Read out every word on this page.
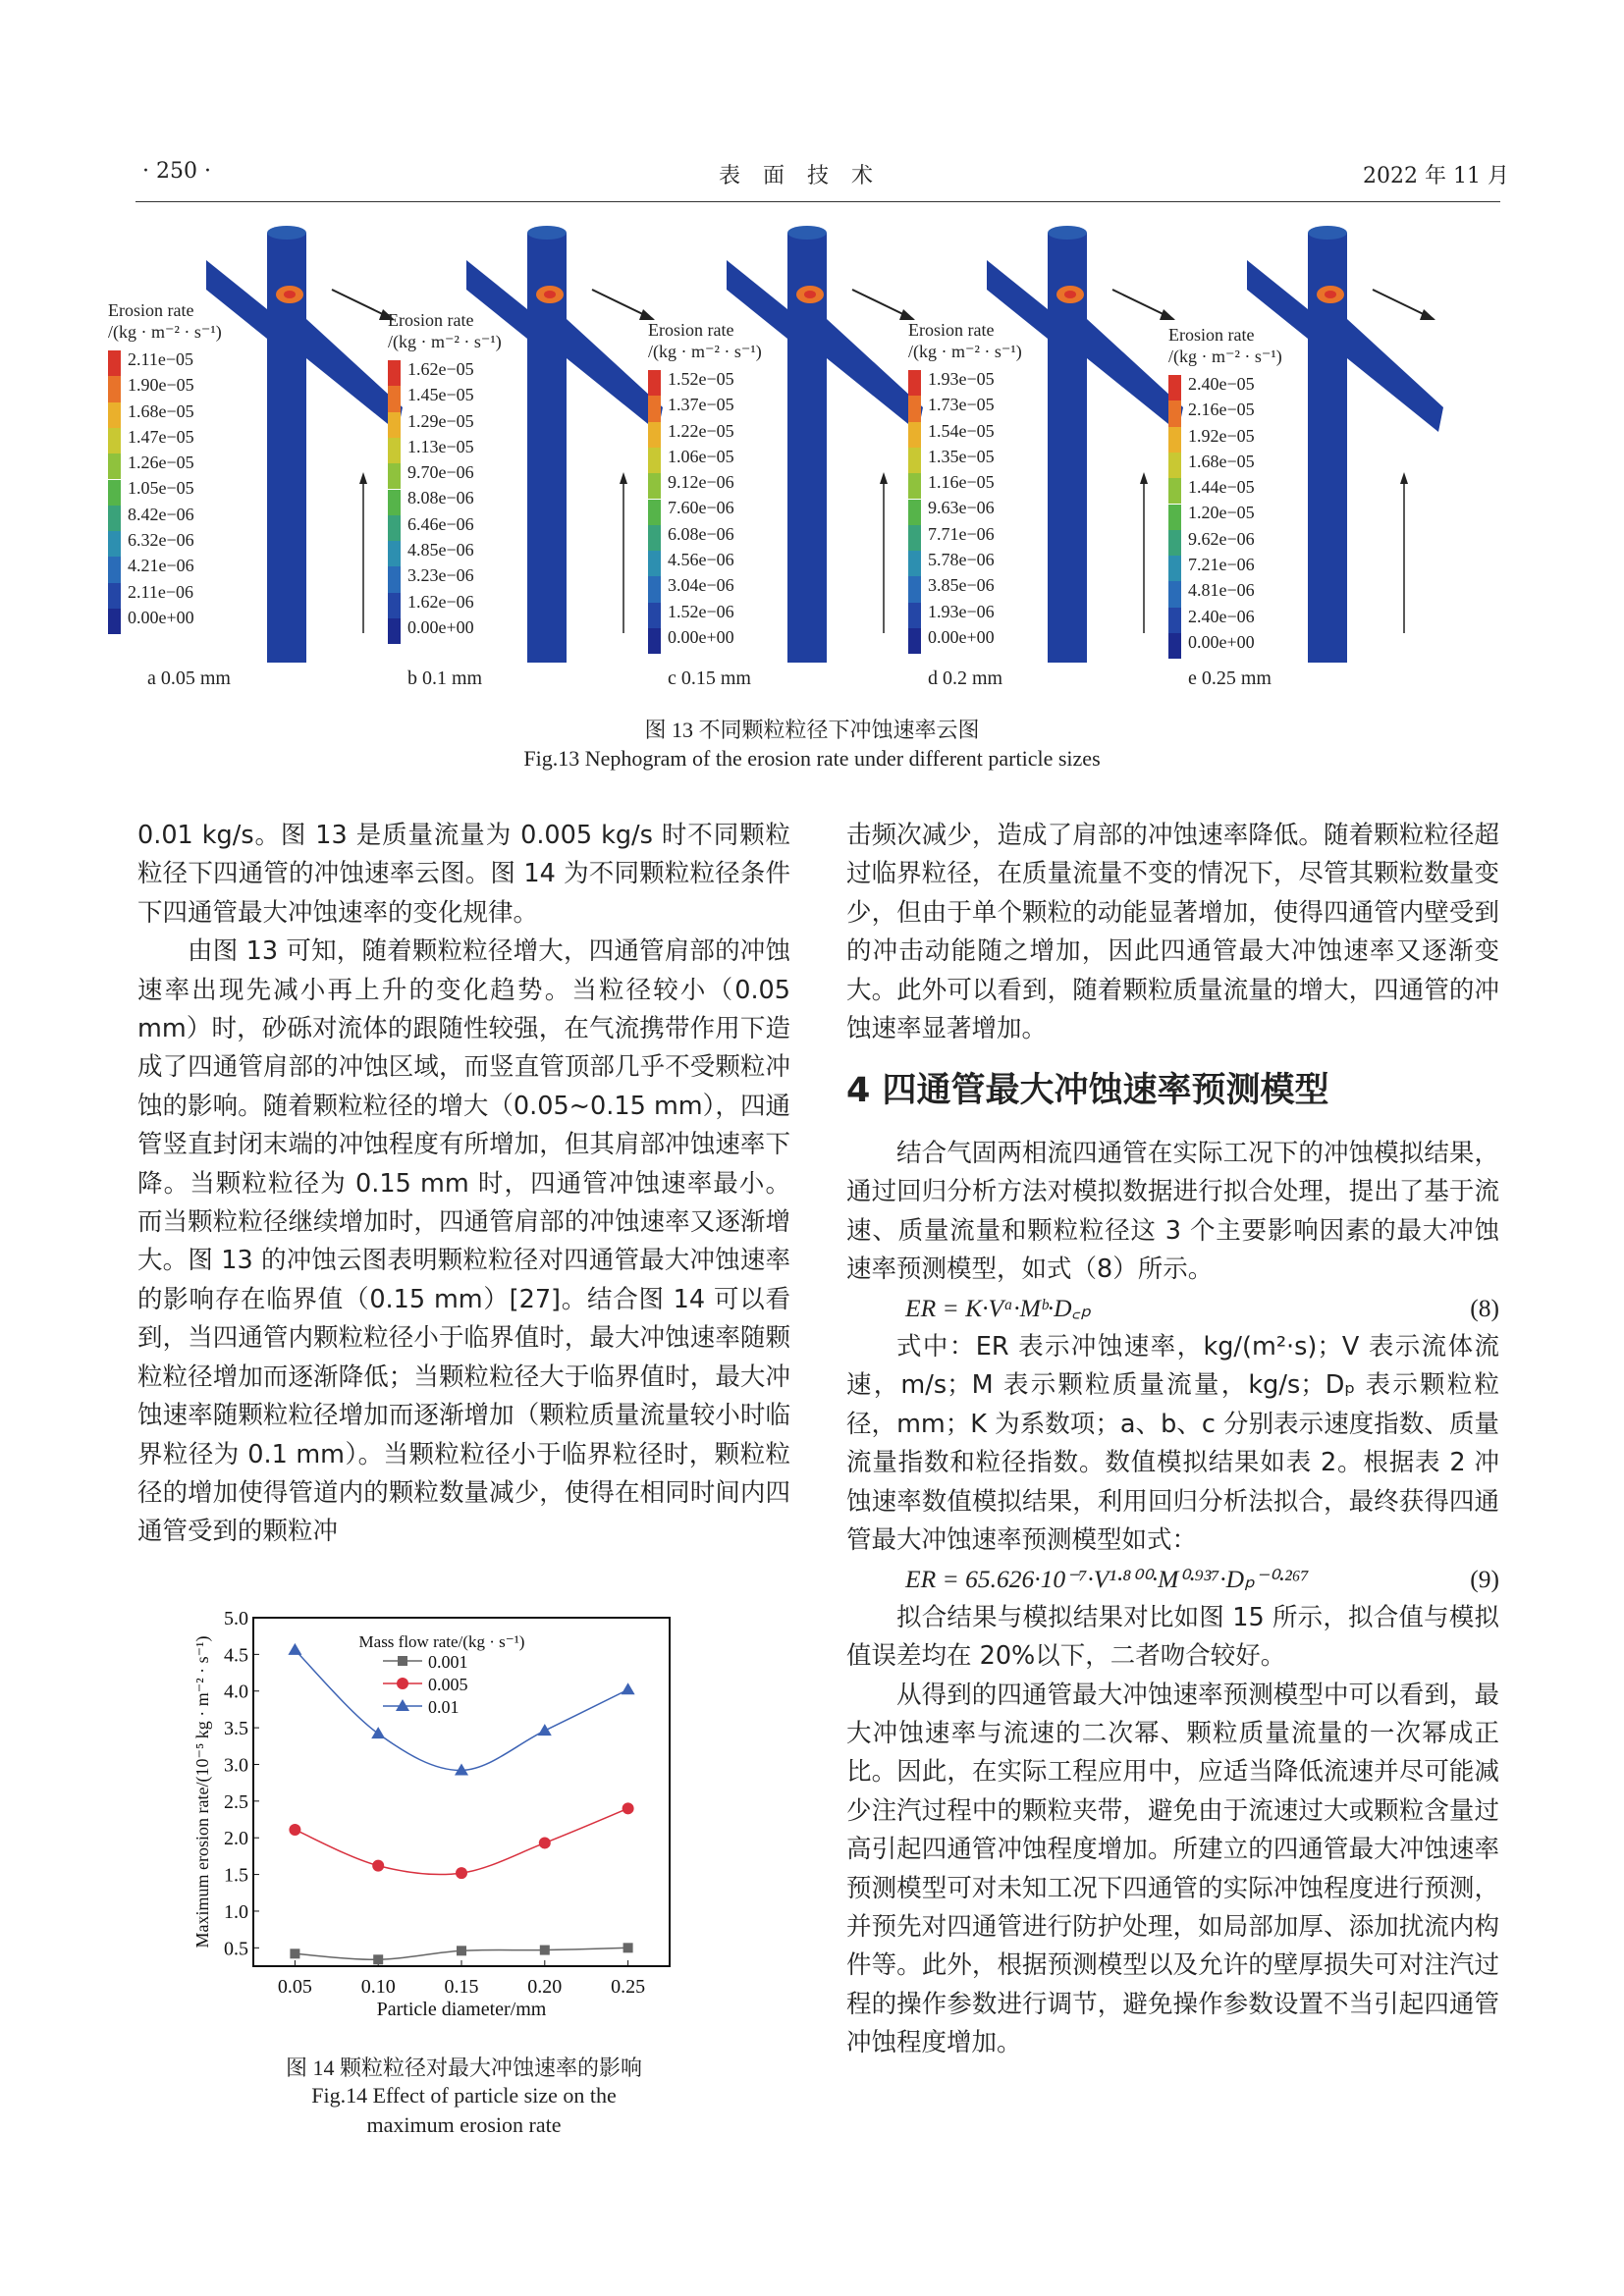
· 250 ·	表 面 技 术	2022 年 11 月
Erosion rate
/(kg · m⁻² · s⁻¹)
2.11e−05
1.90e−05
1.68e−05
1.47e−05
1.26e−05
1.05e−05
8.42e−06
6.32e−06
4.21e−06
2.11e−06
0.00e+00
a 0.05 mm
Erosion rate
/(kg · m⁻² · s⁻¹)
1.62e−05
1.45e−05
1.29e−05
1.13e−05
9.70e−06
8.08e−06
6.46e−06
4.85e−06
3.23e−06
1.62e−06
0.00e+00
b 0.1 mm
Erosion rate
/(kg · m⁻² · s⁻¹)
1.52e−05
1.37e−05
1.22e−05
1.06e−05
9.12e−06
7.60e−06
6.08e−06
4.56e−06
3.04e−06
1.52e−06
0.00e+00
c 0.15 mm
Erosion rate
/(kg · m⁻² · s⁻¹)
1.93e−05
1.73e−05
1.54e−05
1.35e−05
1.16e−05
9.63e−06
7.71e−06
5.78e−06
3.85e−06
1.93e−06
0.00e+00
d 0.2 mm
Erosion rate
/(kg · m⁻² · s⁻¹)
2.40e−05
2.16e−05
1.92e−05
1.68e−05
1.44e−05
1.20e−05
9.62e−06
7.21e−06
4.81e−06
2.40e−06
0.00e+00
e 0.25 mm
图 13 不同颗粒粒径下冲蚀速率云图
Fig.13 Nephogram of the erosion rate under different particle sizes

0.01 kg/s。图 13 是质量流量为 0.005 kg/s 时不同颗粒粒径下四通管的冲蚀速率云图。图 14 为不同颗粒粒径条件下四通管最大冲蚀速率的变化规律。

由图 13 可知，随着颗粒粒径增大，四通管肩部的冲蚀速率出现先减小再上升的变化趋势。当粒径较小（0.05 mm）时，砂砾对流体的跟随性较强，在气流携带作用下造成了四通管肩部的冲蚀区域，而竖直管顶部几乎不受颗粒冲蚀的影响。随着颗粒粒径的增大（0.05~0.15 mm），四通管竖直封闭末端的冲蚀程度有所增加，但其肩部冲蚀速率下降。当颗粒粒径为 0.15 mm 时，四通管冲蚀速率最小。而当颗粒粒径继续增加时，四通管肩部的冲蚀速率又逐渐增大。图 13 的冲蚀云图表明颗粒粒径对四通管最大冲蚀速率的影响存在临界值（0.15 mm）[27]。结合图 14 可以看到，当四通管内颗粒粒径小于临界值时，最大冲蚀速率随颗粒粒径增加而逐渐降低；当颗粒粒径大于临界值时，最大冲蚀速率随颗粒粒径增加而逐渐增加（颗粒质量流量较小时临界粒径为 0.1 mm）。当颗粒粒径小于临界粒径时，颗粒粒径的增加使得管道内的颗粒数量减少，使得在相同时间内四通管受到的颗粒冲

0.05 0.10 0.15 0.20 0.25
0.5
1.0
1.5
2.0
2.5
3.0
3.5
4.0
4.5
5.0
Particle diameter/mm
Maximum erosion rate/(10⁻⁵ kg · m⁻² · s⁻¹)	Mass flow rate/(kg · s⁻¹)
0.001
0.005
0.01
图 14 颗粒粒径对最大冲蚀速率的影响
Fig.14 Effect of particle size on the
maximum erosion rate

击频次减少，造成了肩部的冲蚀速率降低。随着颗粒粒径超过临界粒径，在质量流量不变的情况下，尽管其颗粒数量变少，但由于单个颗粒的动能显著增加，使得四通管内壁受到的冲击动能随之增加，因此四通管最大冲蚀速率又逐渐变大。此外可以看到，随着颗粒质量流量的增大，四通管的冲蚀速率显著增加。

4 四通管最大冲蚀速率预测模型

结合气固两相流四通管在实际工况下的冲蚀模拟结果，通过回归分析方法对模拟数据进行拟合处理，提出了基于流速、质量流量和颗粒粒径这 3 个主要影响因素的最大冲蚀速率预测模型，如式（8）所示。

ER = K·Vᵃ·Mᵇ·D꜀ₚ	(8)

式中：ER 表示冲蚀速率，kg/(m²·s)；V 表示流体流速，m/s；M 表示颗粒质量流量，kg/s；Dₚ 表示颗粒粒径，mm；K 为系数项；a、b、c 分别表示速度指数、质量流量指数和粒径指数。数值模拟结果如表 2。根据表 2 冲蚀速率数值模拟结果，利用回归分析法拟合，最终获得四通管最大冲蚀速率预测模型如式：

ER = 65.626·10⁻⁷·V¹·⁸⁰⁰·M⁰·⁹³⁷·Dₚ⁻⁰·²⁶⁷	(9)

拟合结果与模拟结果对比如图 15 所示，拟合值与模拟值误差均在 20%以下，二者吻合较好。

从得到的四通管最大冲蚀速率预测模型中可以看到，最大冲蚀速率与流速的二次幂、颗粒质量流量的一次幂成正比。因此，在实际工程应用中，应适当降低流速并尽可能减少注汽过程中的颗粒夹带，避免由于流速过大或颗粒含量过高引起四通管冲蚀程度增加。所建立的四通管最大冲蚀速率预测模型可对未知工况下四通管的实际冲蚀程度进行预测，并预先对四通管进行防护处理，如局部加厚、添加扰流内构件等。此外，根据预测模型以及允许的壁厚损失可对注汽过程的操作参数进行调节，避免操作参数设置不当引起四通管冲蚀程度增加。
